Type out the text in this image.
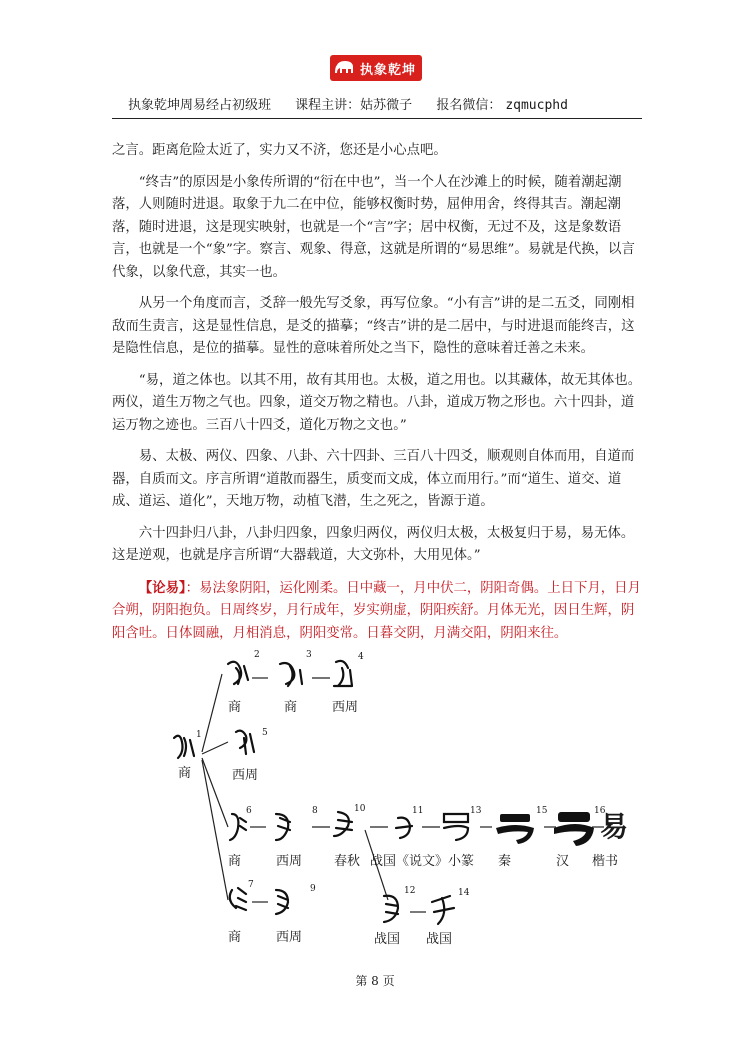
执象乾坤
执象乾坤周易经占初级班 课程主讲：姑苏微子 报名微信： zqmucphd

之言。距离危险太近了，实力又不济，您还是小心点吧。

“终吉”的原因是小象传所谓的“衍在中也”，当一个人在沙滩上的时候，随着潮起潮落，人则随时进退。取象于九二在中位，能够权衡时势，屈伸用舍，终得其吉。潮起潮落，随时进退，这是现实映射，也就是一个“言”字；居中权衡，无过不及，这是象数语言，也就是一个“象”字。察言、观象、得意，这就是所谓的“易思维”。易就是代换，以言代象，以象代意，其实一也。

从另一个角度而言，爻辞一般先写爻象，再写位象。“小有言”讲的是二五爻，同刚相敌而生责言，这是显性信息，是爻的描摹；“终吉”讲的是二居中，与时进退而能终吉，这是隐性信息，是位的描摹。显性的意味着所处之当下，隐性的意味着迁善之未来。

“易，道之体也。以其不用，故有其用也。太极，道之用也。以其藏体，故无其体也。两仪，道生万物之气也。四象，道交万物之精也。八卦，道成万物之形也。六十四卦，道运万物之迹也。三百八十四爻，道化万物之文也。”

易、太极、两仪、四象、八卦、六十四卦、三百八十四爻，顺观则自体而用，自道而器，自质而文。序言所谓“道散而器生，质变而文成，体立而用行。”而“道生、道交、道成、道运、道化”，天地万物，动植飞潜，生之死之，皆源于道。

六十四卦归八卦，八卦归四象，四象归两仪，两仪归太极，太极复归于易，易无体。这是逆观，也就是序言所谓“大器载道，大文弥朴，大用见体。”

【论易】：易法象阴阳，运化刚柔。日中藏一，月中伏二，阴阳奇偶。上日下月，日月合朔，阴阳抱负。日周终岁，月行成年，岁实朔虚，阴阳疾舒。月体无光，因日生辉，阴阳含吐。日体圆融，月相消息，阴阳变常。日暮交阴，月满交阳，阴阳来往。

1
2	3	4
5
6
7
8
9
10	11
12
13
14
15	16
商
商	商	西周
西周
商	西周 春秋 战国《说文》小篆 秦	汉 楷书
商	西周	战国 战国
易
第 8 页
